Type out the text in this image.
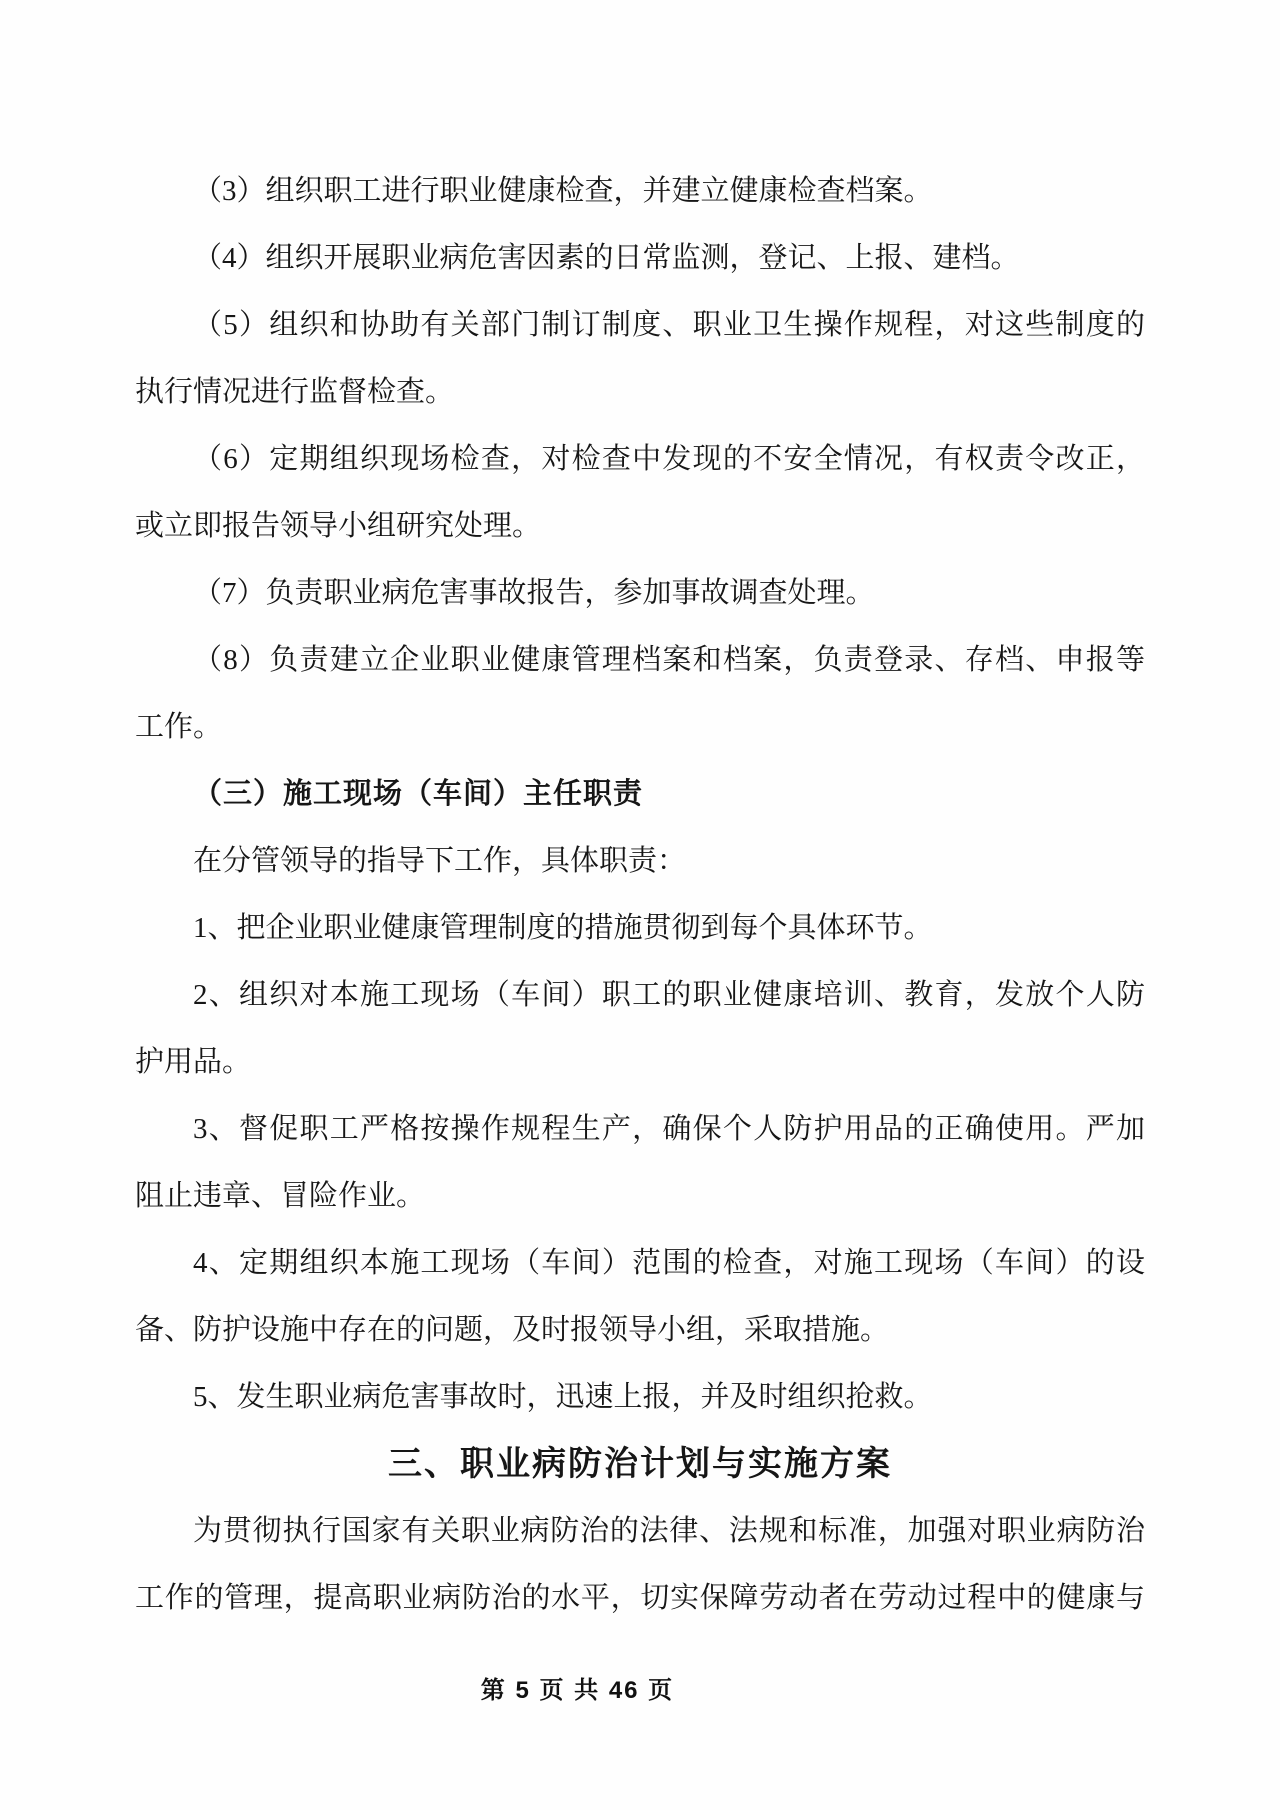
（3）组织职工进行职业健康检查，并建立健康检查档案。
（4）组织开展职业病危害因素的日常监测，登记、上报、建档。
（5）组织和协助有关部门制订制度、职业卫生操作规程，对这些制度的
执行情况进行监督检查。
（6）定期组织现场检查，对检查中发现的不安全情况，有权责令改正，
或立即报告领导小组研究处理。
（7）负责职业病危害事故报告，参加事故调查处理。
（8）负责建立企业职业健康管理档案和档案，负责登录、存档、申报等
工作。
（三）施工现场（车间）主任职责
在分管领导的指导下工作，具体职责：
1、把企业职业健康管理制度的措施贯彻到每个具体环节。
2、组织对本施工现场（车间）职工的职业健康培训、教育，发放个人防
护用品。
3、督促职工严格按操作规程生产，确保个人防护用品的正确使用。严加
阻止违章、冒险作业。
4、定期组织本施工现场（车间）范围的检查，对施工现场（车间）的设
备、防护设施中存在的问题，及时报领导小组，采取措施。
5、发生职业病危害事故时，迅速上报，并及时组织抢救。
三、职业病防治计划与实施方案
为贯彻执行国家有关职业病防治的法律、法规和标准，加强对职业病防治
工作的管理，提高职业病防治的水平，切实保障劳动者在劳动过程中的健康与
第 5 页 共 46 页
